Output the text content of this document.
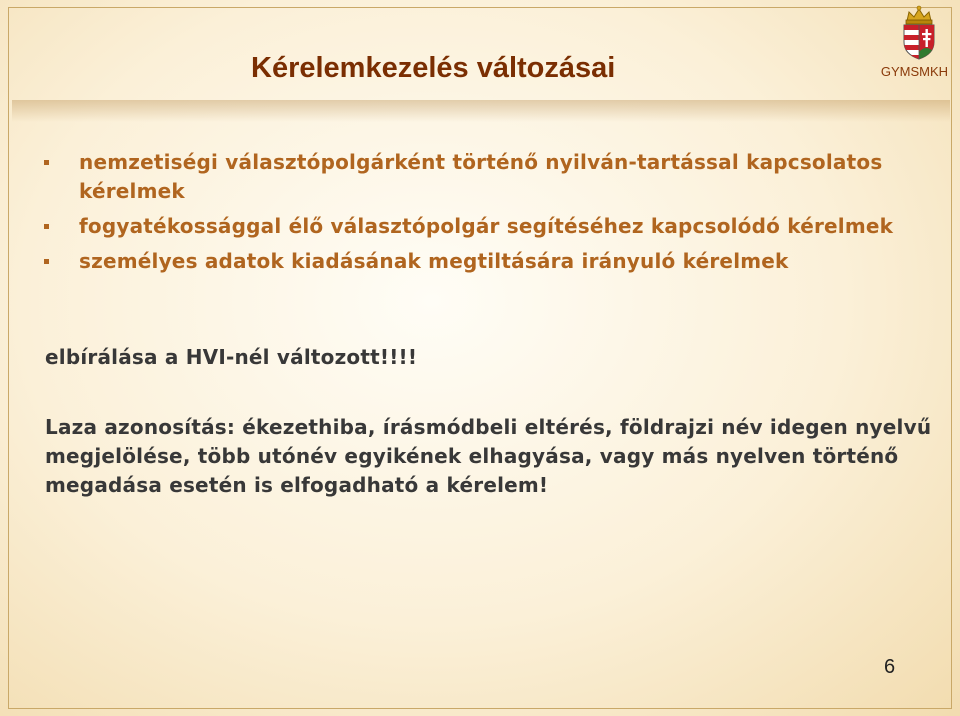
Kérelemkezelés változásai	GYMSMKH
nemzetiségi választópolgárként történő nyilván-tartással kapcsolatos kérelmek
fogyatékossággal élő választópolgár segítéséhez kapcsolódó kérelmek
személyes adatok kiadásának megtiltására irányuló kérelmek
elbírálása a HVI-nél változott!!!!
Laza azonosítás: ékezethiba, írásmódbeli eltérés, földrajzi név idegen nyelvű megjelölése, több utónév egyikének elhagyása, vagy más nyelven történő megadása esetén is elfogadható a kérelem!
6
